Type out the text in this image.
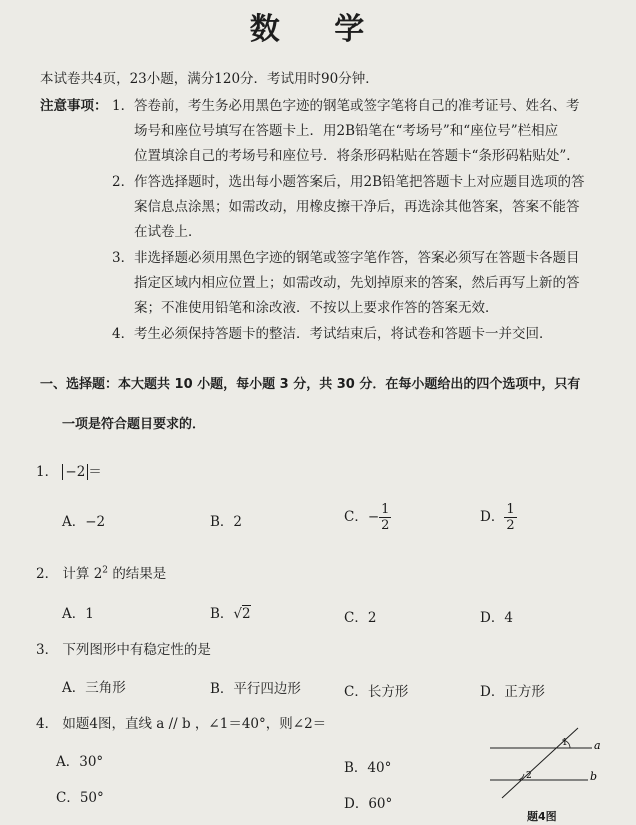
数 学
本试卷共4页，23小题，满分120分．考试用时90分钟．
注意事项： 1． 答卷前，考生务必用黑色字迹的钢笔或签字笔将自己的准考证号、姓名、考
场号和座位号填写在答题卡上．用2B铅笔在“考场号”和“座位号”栏相应
位置填涂自己的考场号和座位号．将条形码粘贴在答题卡“条形码粘贴处”．
2． 作答选择题时，选出每小题答案后，用2B铅笔把答题卡上对应题目选项的答
案信息点涂黑；如需改动，用橡皮擦干净后，再选涂其他答案，答案不能答
在试卷上．
3． 非选择题必须用黑色字迹的钢笔或签字笔作答，答案必须写在答题卡各题目
指定区域内相应位置上；如需改动，先划掉原来的答案，然后再写上新的答
案；不准使用铅笔和涂改液．不按以上要求作答的答案无效．
4． 考生必须保持答题卡的整洁．考试结束后，将试卷和答题卡一并交回．
一、选择题：本大题共 10 小题，每小题 3 分，共 30 分．在每小题给出的四个选项中，只有
一项是符合题目要求的．
1． −2 ＝
A．−2	B．2	C．− $\frac{1}{2}$	D． $\frac{1}{2}$
2． 计算 $2^2$ 的结果是
A．1	B．√2	C．2	D．4
3． 下列图形中有稳定性的是
A．三角形	B．平行四边形	C．长方形	D．正方形
4． 如题4图，直线 a // b ，∠1＝40°，则∠2＝
A．30°	B．40°
C．50°	D．60°
1
2
a
b
题4图
